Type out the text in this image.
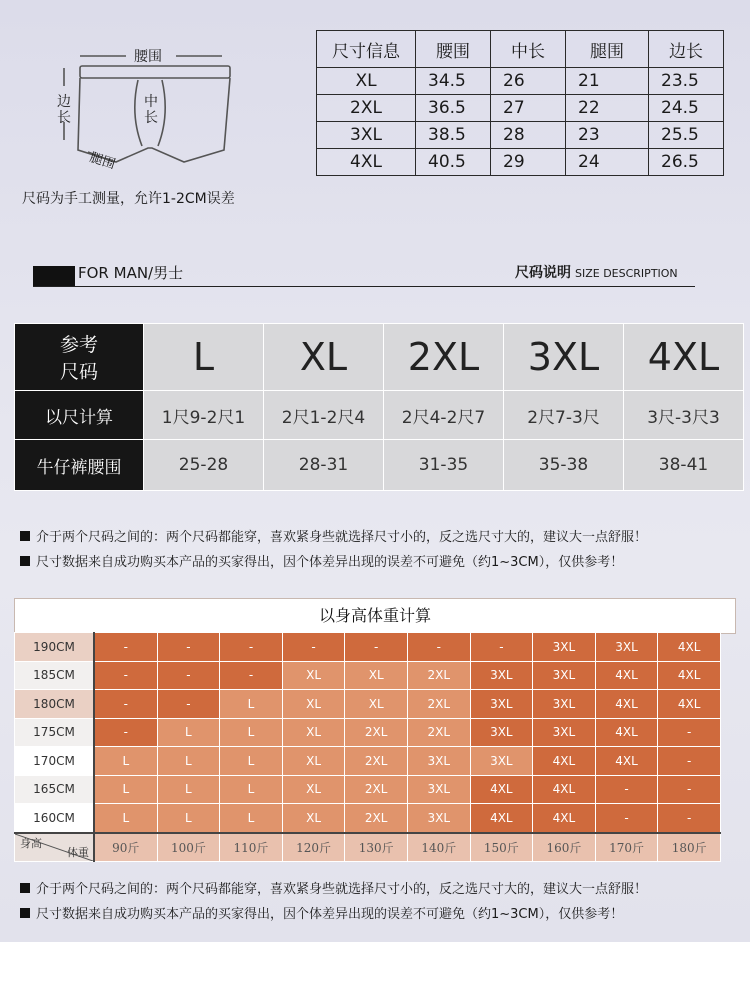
腰围
边长
中长
腿围
尺码为手工测量，允许1-2CM误差
尺寸信息	腰围	中长	腿围	边长
XL	34.5	26	21	23.5
2XL	36.5	27	22	24.5
3XL	38.5	28	23	25.5
4XL	40.5	29	24	26.5
FOR MAN/男士	尺码说明 SIZE DESCRIPTION
参考
尺码	L	XL	2XL	3XL	4XL
以尺计算	1尺9-2尺1	2尺1-2尺4	2尺4-2尺7	2尺7-3尺	3尺-3尺3
牛仔裤腰围	25-28	28-31	31-35	35-38	38-41
介于两个尺码之间的：两个尺码都能穿，喜欢紧身些就选择尺寸小的，反之选尺寸大的，建议大一点舒服！
尺寸数据来自成功购买本产品的买家得出，因个体差异出现的误差不可避免（约1~3CM），仅供参考！
以身高体重计算
190CM	-	-	-	-	-	-	-	3XL	3XL	4XL
185CM	-	-	-	XL	XL	2XL	3XL	3XL	4XL	4XL
180CM	-	-	L	XL	XL	2XL	3XL	3XL	4XL	4XL
175CM	-	L	L	XL	2XL	2XL	3XL	3XL	4XL	-
170CM	L	L	L	XL	2XL	3XL	3XL	4XL	4XL	-
165CM	L	L	L	XL	2XL	3XL	4XL	4XL	-	-
160CM	L	L	L	XL	2XL	3XL	4XL	4XL	-	-

身高
体重	90斤	100斤	110斤	120斤	130斤	140斤	150斤	160斤	170斤	180斤
介于两个尺码之间的：两个尺码都能穿，喜欢紧身些就选择尺寸小的，反之选尺寸大的，建议大一点舒服！
尺寸数据来自成功购买本产品的买家得出，因个体差异出现的误差不可避免（约1~3CM），仅供参考！
